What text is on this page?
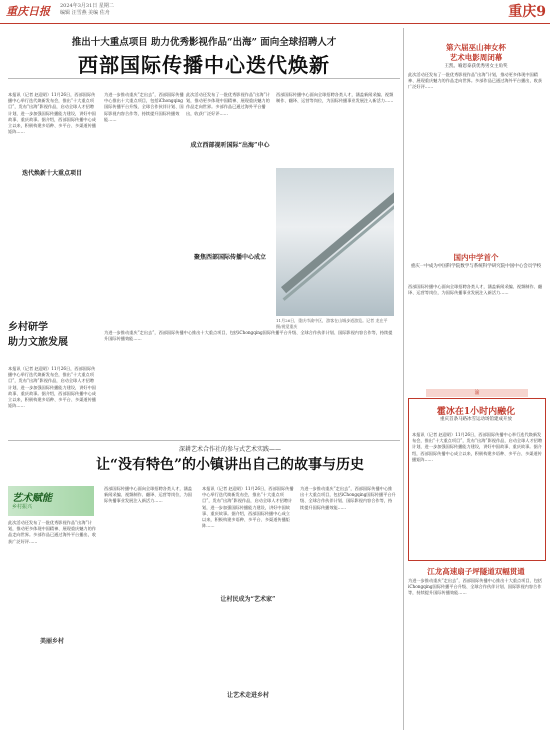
重庆日报 2024年3月31日 星期二
编辑 汪雪燕 美编 佐舟	重庆9
推出十大重点项目 助力优秀影视作品“出海” 面向全球招聘人才
西部国际传播中心迭代焕新
本报讯（记者 赵迎昭）11月26日，西部国际传播中心举行迭代焕新发布会，推出“十大重点项目”，发布“出海”影视作品，启动全球人才招聘计划，进一步加强国际传播能力建设，讲好中国故事、重庆故事。据介绍，西部国际传播中心成立以来，积极构建多语种、多平台、多渠道传播矩阵……
迭代焕新十大重点项目
为进一步推动重庆“走出去”，西部国际传播中心推出十大重点项目，包括iChongqing国际传播平台升级、全球合作伙伴计划、国际影视内容合作等，持续提升国际传播效能……
成立西部视听国际“出海”中心
此次活动还发布了一批优秀影视作品“出海”计划，推动更多体现中国精神、展现重庆魅力的作品走向世界。多部作品已通过海外平台播出，收获广泛好评……
西部国际传播中心面向全球招聘各类人才，涵盖新闻采编、视频制作、翻译、运营等岗位，为国际传播事业发展注入新活力……
11月26日，重庆市渝中区，游客在山城步道游览。记者 龙在平 摄/视觉重庆
聚焦西部国际传播中心成立
乡村研学
助力文旅发展
本报讯（记者 赵迎昭）11月26日，西部国际传播中心举行迭代焕新发布会，推出“十大重点项目”，发布“出海”影视作品，启动全球人才招聘计划，进一步加强国际传播能力建设，讲好中国故事、重庆故事。据介绍，西部国际传播中心成立以来，积极构建多语种、多平台、多渠道传播矩阵……
为进一步推动重庆“走出去”，西部国际传播中心推出十大重点项目，包括iChongqing国际传播平台升级、全球合作伙伴计划、国际影视内容合作等，持续提升国际传播效能……
深耕艺术合作社的参与式艺术实践——
让“没有特色”的小镇讲出自己的故事与历史
艺术赋能
乡村振兴
此次活动还发布了一批优秀影视作品“出海”计划，推动更多体现中国精神、展现重庆魅力的作品走向世界。多部作品已通过海外平台播出，收获广泛好评……
美丽乡村
西部国际传播中心面向全球招聘各类人才，涵盖新闻采编、视频制作、翻译、运营等岗位，为国际传播事业发展注入新活力……
本报讯（记者 赵迎昭）11月26日，西部国际传播中心举行迭代焕新发布会，推出“十大重点项目”，发布“出海”影视作品，启动全球人才招聘计划，进一步加强国际传播能力建设，讲好中国故事、重庆故事。据介绍，西部国际传播中心成立以来，积极构建多语种、多平台、多渠道传播矩阵……
让村民成为“艺术家”
让艺术走进乡村
为进一步推动重庆“走出去”，西部国际传播中心推出十大重点项目，包括iChongqing国际传播平台升级、全球合作伙伴计划、国际影视内容合作等，持续提升国际传播效能……
第六届巫山神女杯
艺术电影周闭幕
王凯、喻恩泰获优秀男女主角奖
此次活动还发布了一批优秀影视作品“出海”计划，推动更多体现中国精神、展现重庆魅力的作品走向世界。多部作品已通过海外平台播出，收获广泛好评……
国内中学首个
重庆一中成为中国科学院数学与系统科学研究院中国中心会员学校
西部国际传播中心面向全球招聘各类人才，涵盖新闻采编、视频制作、翻译、运营等岗位，为国际传播事业发展注入新活力……
渝
霍冰在1小时内融化
重庆首条马路冰雪运动场馆建成开放
本报讯（记者 赵迎昭）11月26日，西部国际传播中心举行迭代焕新发布会，推出“十大重点项目”，发布“出海”影视作品，启动全球人才招聘计划，进一步加强国际传播能力建设，讲好中国故事、重庆故事。据介绍，西部国际传播中心成立以来，积极构建多语种、多平台、多渠道传播矩阵……
江龙高速扇子坪隧道双幅贯通
为进一步推动重庆“走出去”，西部国际传播中心推出十大重点项目，包括iChongqing国际传播平台升级、全球合作伙伴计划、国际影视内容合作等，持续提升国际传播效能……
